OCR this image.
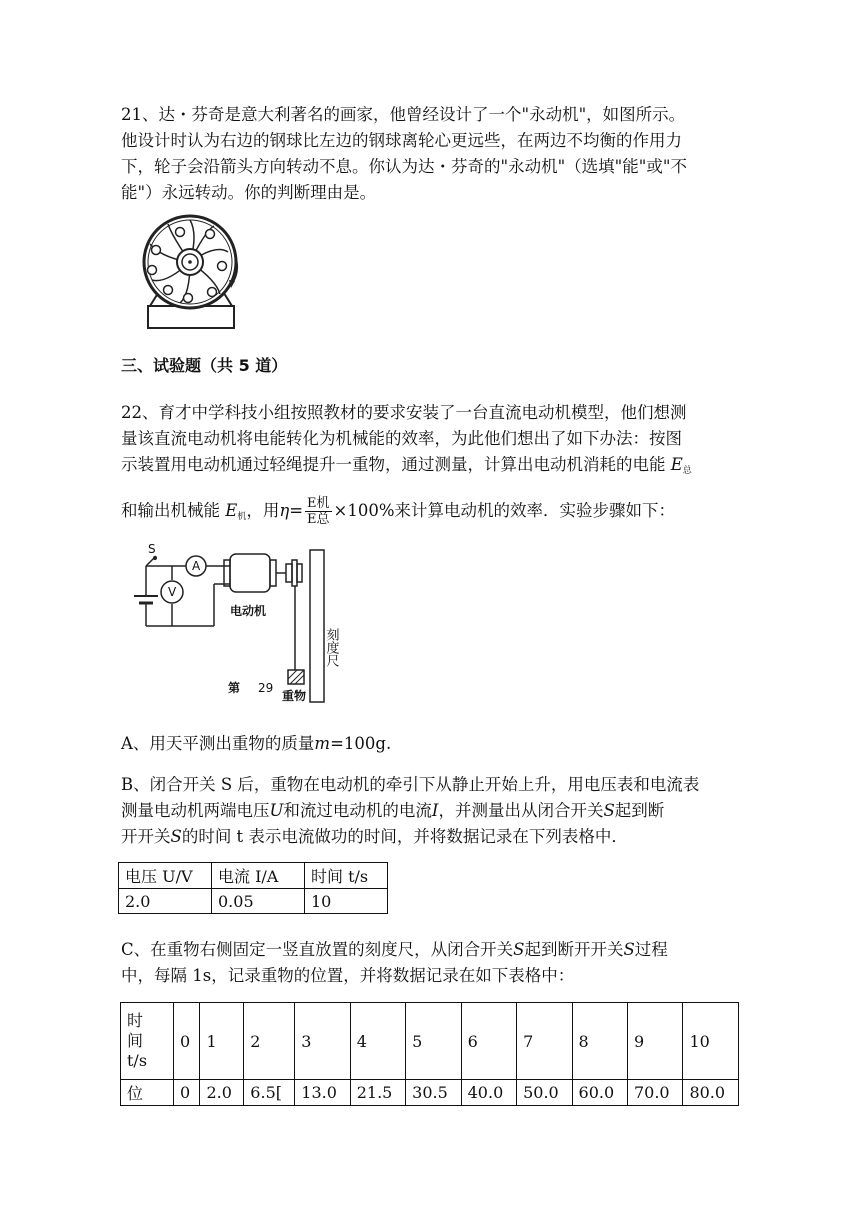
21、达・芬奇是意大利著名的画家，他曾经设计了一个"永动机"，如图所示。
他设计时认为右边的钢球比左边的钢球离轮心更远些，在两边不均衡的作用力
下，轮子会沿箭头方向转动不息。你认为达・芬奇的"永动机"（选填"能"或"不
能"）永远转动。你的判断理由是。
三、试验题（共 5 道）
22、育才中学科技小组按照教材的要求安装了一台直流电动机模型，他们想测
量该直流电动机将电能转化为机械能的效率，为此他们想出了如下办法：按图
示装置用电动机通过轻绳提升一重物，通过测量，计算出电动机消耗的电能 $E_总$
和输出机械能 $E_机$，用$\eta= \frac{\text{E机}}{\text{E总}} \times 100\%$来计算电动机的效率．实验步骤如下：
S
A
V
电动机
第 29
重物
刻度尺
A、用天平测出重物的质量m=100g.
B、闭合开关 S 后，重物在电动机的牵引下从静止开始上升，用电压表和电流表
测量电动机两端电压U和流过电动机的电流I，并测量出从闭合开关S起到断
开开关S的时间 t 表示电流做功的时间，并将数据记录在下列表格中．
电压 U/V	电流 I/A	时间 t/s
2.0	0.05	10
C、在重物右侧固定一竖直放置的刻度尺，从闭合开关S起到断开开关S过程
中，每隔 1s，记录重物的位置，并将数据记录在如下表格中：
时
间
t/s	0	1	2	3	4	5	6	7	8	9	10
位	0	2.0	6.5[	13.0	21.5	30.5	40.0	50.0	60.0	70.0	80.0
